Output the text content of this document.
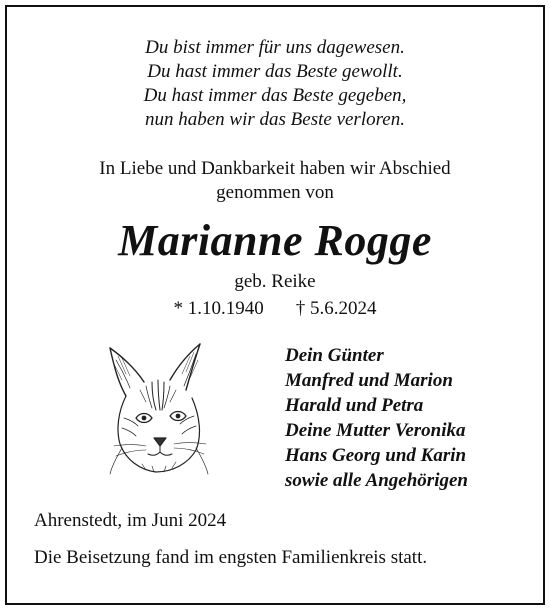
Du bist immer für uns dagewesen.
Du hast immer das Beste gewollt.
Du hast immer das Beste gegeben,
nun haben wir das Beste verloren.
In Liebe und Dankbarkeit haben wir Abschied
genommen von
Marianne Rogge
geb. Reike
* 1.10.1940 † 5.6.2024
Dein Günter
Manfred und Marion
Harald und Petra
Deine Mutter Veronika
Hans Georg und Karin
sowie alle Angehörigen
Ahrenstedt, im Juni 2024
Die Beisetzung fand im engsten Familienkreis statt.
